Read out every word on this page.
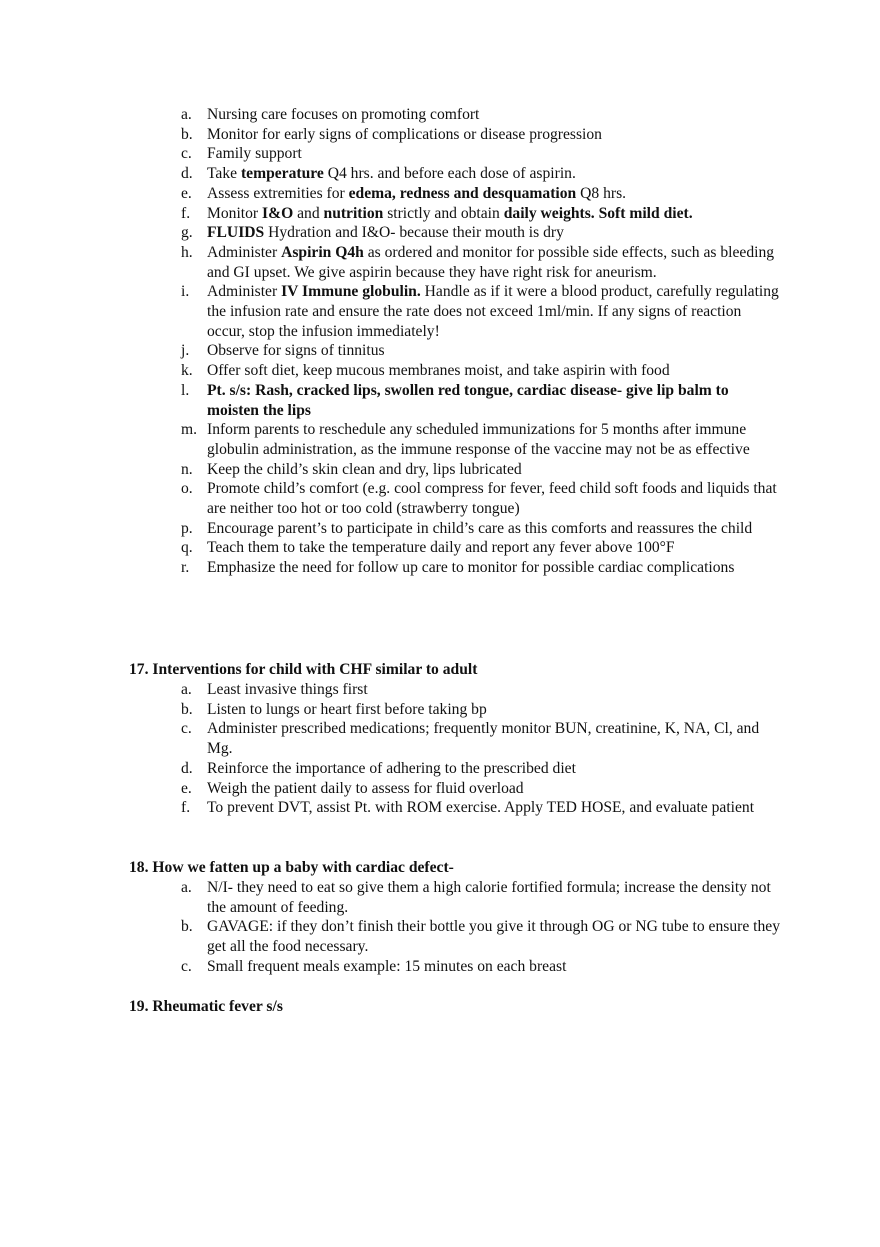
a. Nursing care focuses on promoting comfort
b. Monitor for early signs of complications or disease progression
c. Family support
d. Take temperature Q4 hrs. and before each dose of aspirin.
e. Assess extremities for edema, redness and desquamation Q8 hrs.
f. Monitor I&O and nutrition strictly and obtain daily weights. Soft mild diet.
g. FLUIDS Hydration and I&O- because their mouth is dry
h. Administer Aspirin Q4h as ordered and monitor for possible side effects, such as bleeding and GI upset. We give aspirin because they have right risk for aneurism.
i. Administer IV Immune globulin. Handle as if it were a blood product, carefully regulating the infusion rate and ensure the rate does not exceed 1ml/min. If any signs of reaction occur, stop the infusion immediately!
j. Observe for signs of tinnitus
k. Offer soft diet, keep mucous membranes moist, and take aspirin with food
l. Pt. s/s: Rash, cracked lips, swollen red tongue, cardiac disease- give lip balm to moisten the lips
m. Inform parents to reschedule any scheduled immunizations for 5 months after immune globulin administration, as the immune response of the vaccine may not be as effective
n. Keep the child’s skin clean and dry, lips lubricated
o. Promote child’s comfort (e.g. cool compress for fever, feed child soft foods and liquids that are neither too hot or too cold (strawberry tongue)
p. Encourage parent’s to participate in child’s care as this comforts and reassures the child
q. Teach them to take the temperature daily and report any fever above 100°F
r. Emphasize the need for follow up care to monitor for possible cardiac complications
17. Interventions for child with CHF similar to adult
a. Least invasive things first
b. Listen to lungs or heart first before taking bp
c. Administer prescribed medications; frequently monitor BUN, creatinine, K, NA, Cl, and Mg.
d. Reinforce the importance of adhering to the prescribed diet
e. Weigh the patient daily to assess for fluid overload
f. To prevent DVT, assist Pt. with ROM exercise. Apply TED HOSE, and evaluate patient
18. How we fatten up a baby with cardiac defect-
a. N/I- they need to eat so give them a high calorie fortified formula; increase the density not the amount of feeding.
b. GAVAGE: if they don’t finish their bottle you give it through OG or NG tube to ensure they get all the food necessary.
c. Small frequent meals example: 15 minutes on each breast
19. Rheumatic fever s/s
